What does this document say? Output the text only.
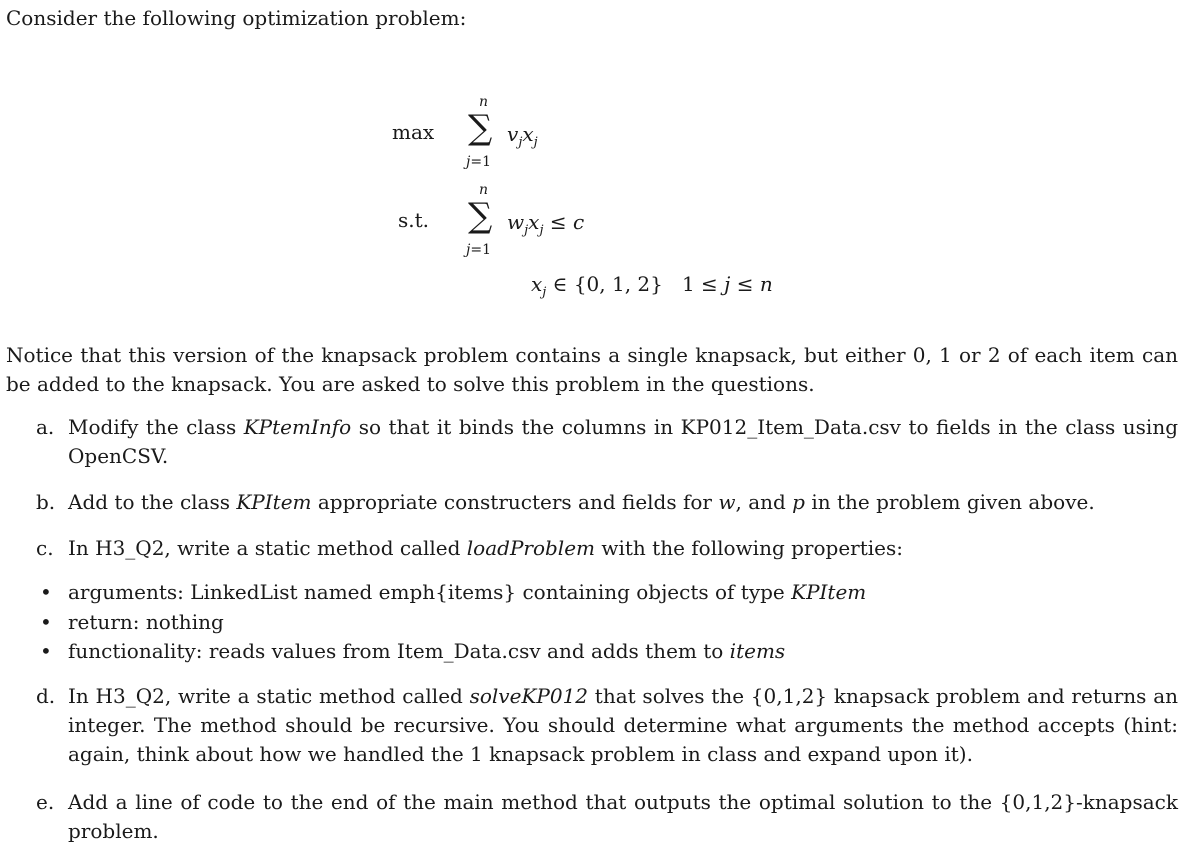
Consider the following optimization problem:
max
n
∑
j=1
$v_jx_j$
s.t.
n
∑
j=1
$w_jx_j \le c$
$x_j$ ∈ {0, 1, 2}   1 ≤ j ≤ n
Notice that this version of the knapsack problem contains a single knapsack, but either 0, 1 or 2 of each item can be added to the knapsack. You are asked to solve this problem in the questions.
a. Modify the class KPtemInfo so that it binds the columns in KP012_Item_Data.csv to fields in the class using OpenCSV.
b. Add to the class KPItem appropriate constructers and fields for w, and p in the problem given above.
c. In H3_Q2, write a static method called loadProblem with the following properties:
• arguments: LinkedList named emph{items} containing objects of type KPItem
• return: nothing
• functionality: reads values from Item_Data.csv and adds them to items
d. In H3_Q2, write a static method called solveKP012 that solves the {0,1,2} knapsack problem and returns an integer. The method should be recursive. You should determine what arguments the method accepts (hint: again, think about how we handled the 1 knapsack problem in class and expand upon it).
e. Add a line of code to the end of the main method that outputs the optimal solution to the {0,1,2}-knapsack problem.
